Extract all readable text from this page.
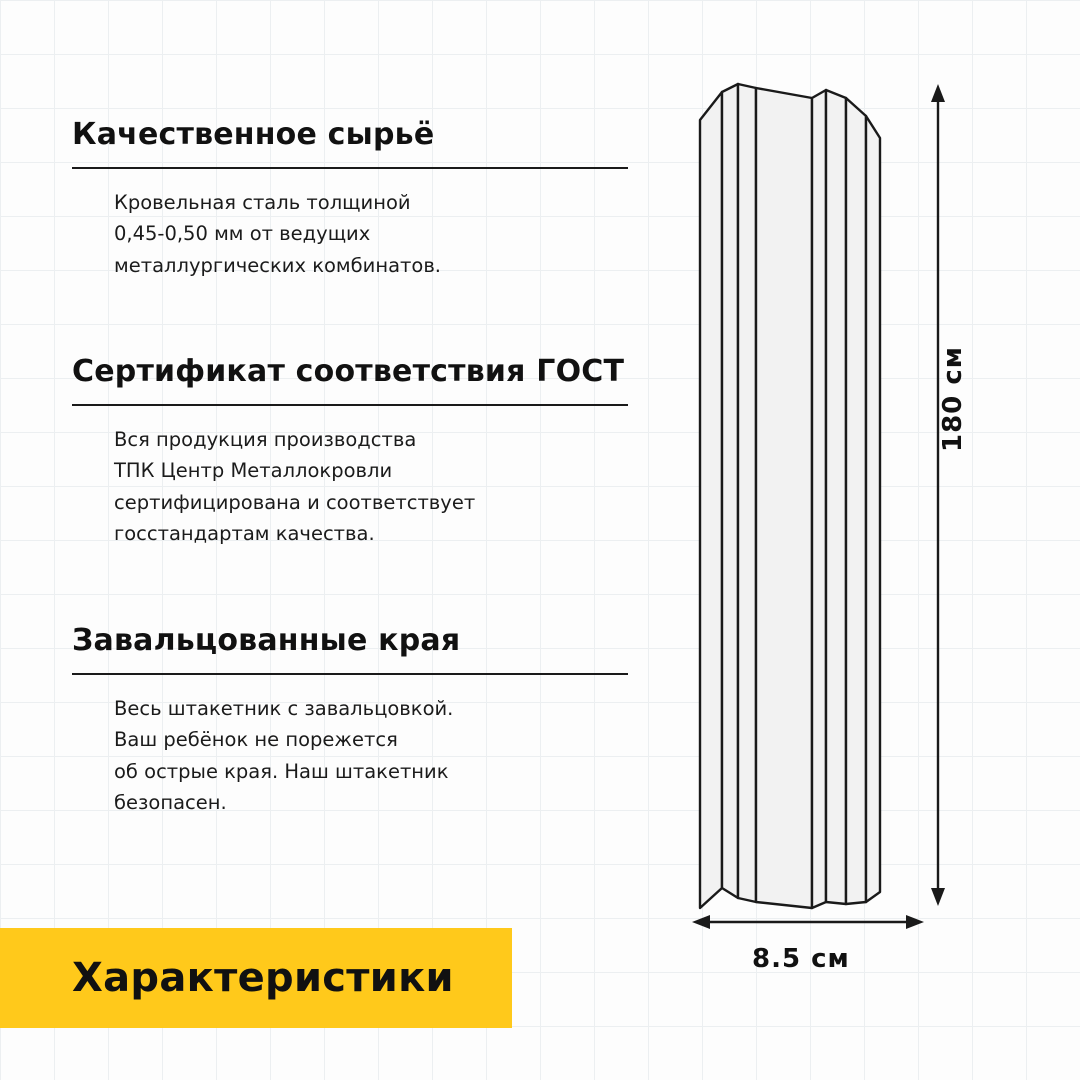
Качественное сырьё

Кровельная сталь толщиной
0,45-0,50 мм от ведущих
металлургических комбинатов.

Сертификат соответствия ГОСТ

Вся продукция производства
ТПК Центр Металлокровли
сертифицирована и соответствует
госстандартам качества.

Завальцованные края

Весь штакетник с завальцовкой.
Ваш ребёнок не порежется
об острые края. Наш штакетник
безопасен.

Характеристики
180 см
8.5 см
